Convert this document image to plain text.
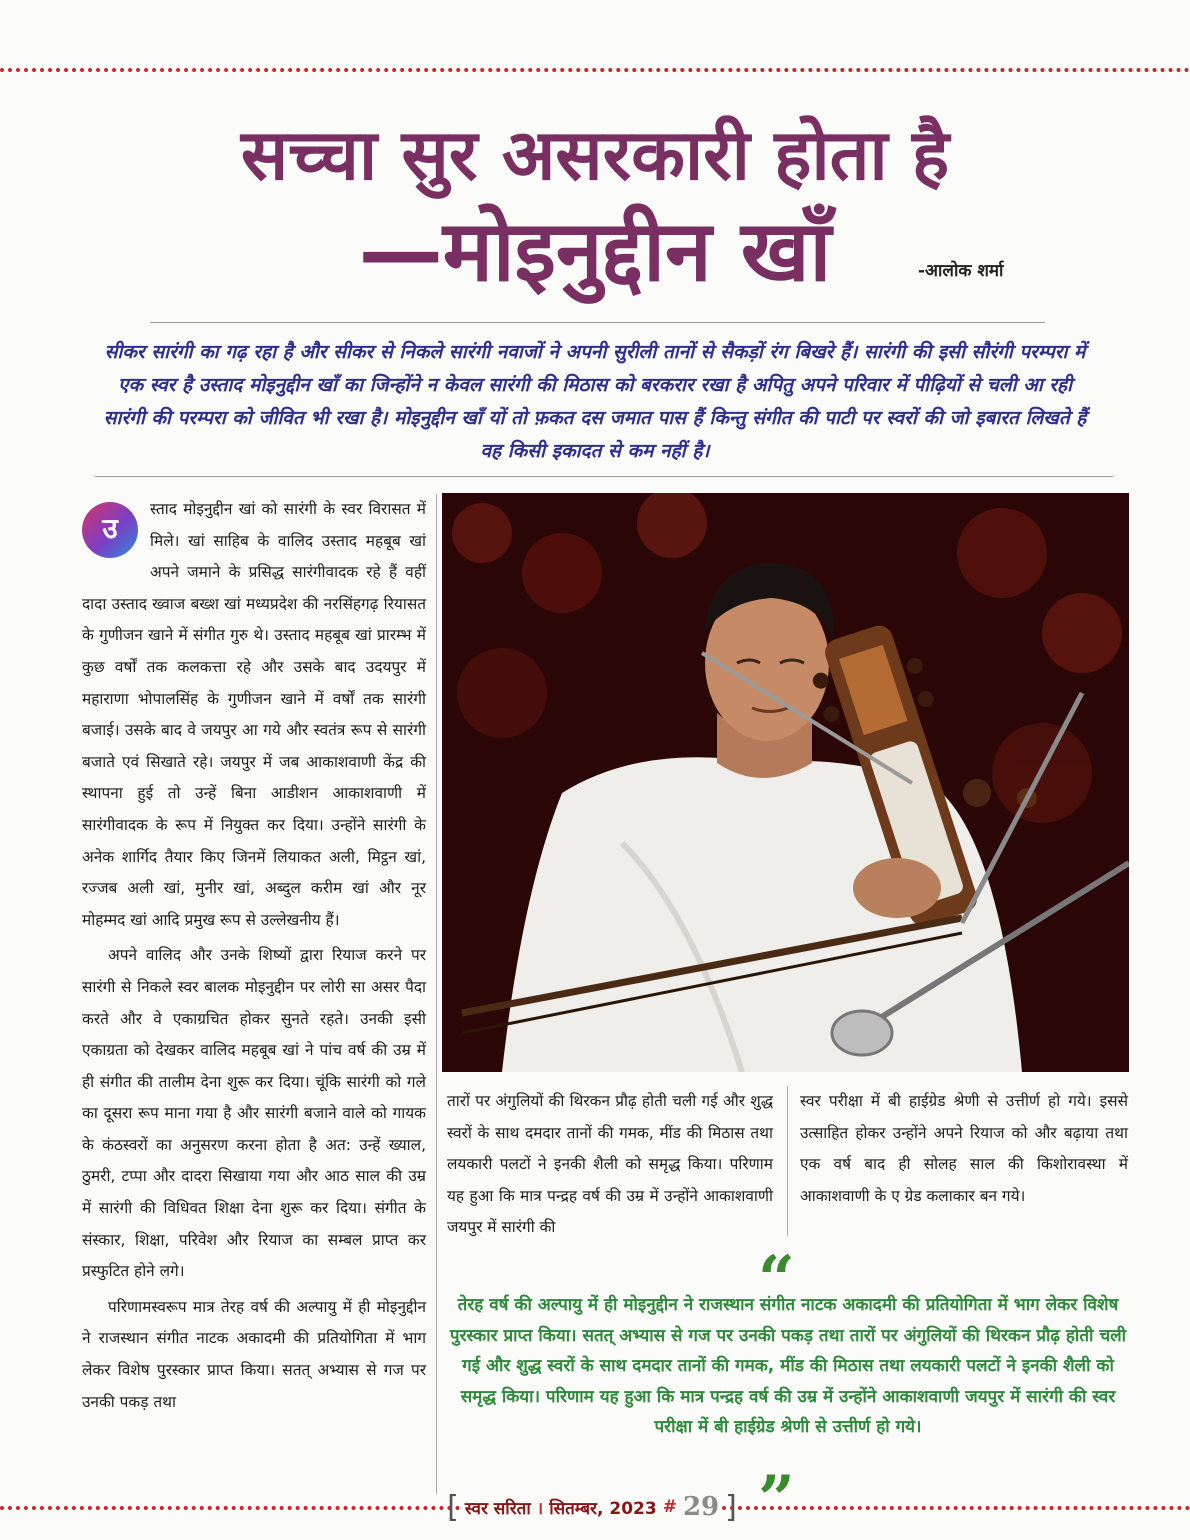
सच्चा सुर असरकारी होता है
—मोइनुद्दीन खाँ	-आलोक शर्मा

सीकर सारंगी का गढ़ रहा है और सीकर से निकले सारंगी नवाजों ने अपनी सुरीली तानों से सैकड़ों रंग बिखरे हैं। सारंगी की इसी सौरंगी परम्परा में एक स्वर है उस्ताद मोइनुद्दीन खाँ का जिन्होंने न केवल सारंगी की मिठास को बरकरार रखा है अपितु अपने परिवार में पीढ़ियों से चली आ रही सारंगी की परम्परा को जीवित भी रखा है। मोइनुद्दीन खाँ यों तो फ़कत दस जमात पास हैं किन्तु संगीत की पाटी पर स्वरों की जो इबारत लिखते हैं वह किसी इकादत से कम नहीं है।

उ

स्ताद मोइनुद्दीन खां को सारंगी के स्वर विरासत में मिले। खां साहिब के वालिद उस्ताद महबूब खां अपने जमाने के प्रसिद्ध सारंगीवादक रहे हैं वहीं दादा उस्ताद ख्वाज बख्श खां मध्यप्रदेश की नरसिंहगढ़ रियासत के गुणीजन खाने में संगीत गुरु थे। उस्ताद महबूब खां प्रारम्भ में कुछ वर्षों तक कलकत्ता रहे और उसके बाद उदयपुर में महाराणा भोपालसिंह के गुणीजन खाने में वर्षों तक सारंगी बजाई। उसके बाद वे जयपुर आ गये और स्वतंत्र रूप से सारंगी बजाते एवं सिखाते रहे। जयपुर में जब आकाशवाणी केंद्र की स्थापना हुई तो उन्हें बिना आडीशन आकाशवाणी में सारंगीवादक के रूप में नियुक्त कर दिया। उन्होंने सारंगी के अनेक शार्गिद तैयार किए जिनमें लियाकत अली, मिट्ठन खां, रज्जब अली खां, मुनीर खां, अब्दुल करीम खां और नूर मोहम्मद खां आदि प्रमुख रूप से उल्लेखनीय हैं।

अपने वालिद और उनके शिष्यों द्वारा रियाज करने पर सारंगी से निकले स्वर बालक मोइनुद्दीन पर लोरी सा असर पैदा करते और वे एकाग्रचित होकर सुनते रहते। उनकी इसी एकाग्रता को देखकर वालिद महबूब खां ने पांच वर्ष की उम्र में ही संगीत की तालीम देना शुरू कर दिया। चूंकि सारंगी को गले का दूसरा रूप माना गया है और सारंगी बजाने वाले को गायक के कंठस्वरों का अनुसरण करना होता है अत: उन्हें ख्याल, ठुमरी, टप्पा और दादरा सिखाया गया और आठ साल की उम्र में सारंगी की विधिवत शिक्षा देना शुरू कर दिया। संगीत के संस्कार, शिक्षा, परिवेश और रियाज का सम्बल प्राप्त कर प्रस्फुटित होने लगे।

परिणामस्वरूप मात्र तेरह वर्ष की अल्पायु में ही मोइनुद्दीन ने राजस्थान संगीत नाटक अकादमी की प्रतियोगिता में भाग लेकर विशेष पुरस्कार प्राप्त किया। सतत् अभ्यास से गज पर उनकी पकड़ तथा

तारों पर अंगुलियों की थिरकन प्रौढ़ होती चली गई और शुद्ध स्वरों के साथ दमदार तानों की गमक, मींड की मिठास तथा लयकारी पलटों ने इनकी शैली को समृद्ध किया। परिणाम यह हुआ कि मात्र पन्द्रह वर्ष की उम्र में उन्होंने आकाशवाणी जयपुर में सारंगी की

स्वर परीक्षा में बी हाईग्रेड श्रेणी से उत्तीर्ण हो गये। इससे उत्साहित होकर उन्होंने अपने रियाज को और बढ़ाया तथा एक वर्ष बाद ही सोलह साल की किशोरावस्था में आकाशवाणी के ए ग्रेड कलाकार बन गये।

“

तेरह वर्ष की अल्पायु में ही मोइनुद्दीन ने राजस्थान संगीत नाटक अकादमी की प्रतियोगिता में भाग लेकर विशेष पुरस्कार प्राप्त किया। सतत् अभ्यास से गज पर उनकी पकड़ तथा तारों पर अंगुलियों की थिरकन प्रौढ़ होती चली गई और शुद्ध स्वरों के साथ दमदार तानों की गमक, मींड की मिठास तथा लयकारी पलटों ने इनकी शैली को समृद्ध किया। परिणाम यह हुआ कि मात्र पन्द्रह वर्ष की उम्र में उन्होंने आकाशवाणी जयपुर में सारंगी की स्वर परीक्षा में बी हाईग्रेड श्रेणी से उत्तीर्ण हो गये।

”
[ स्वर सरिता । सितम्बर, 2023 # 29 ]
